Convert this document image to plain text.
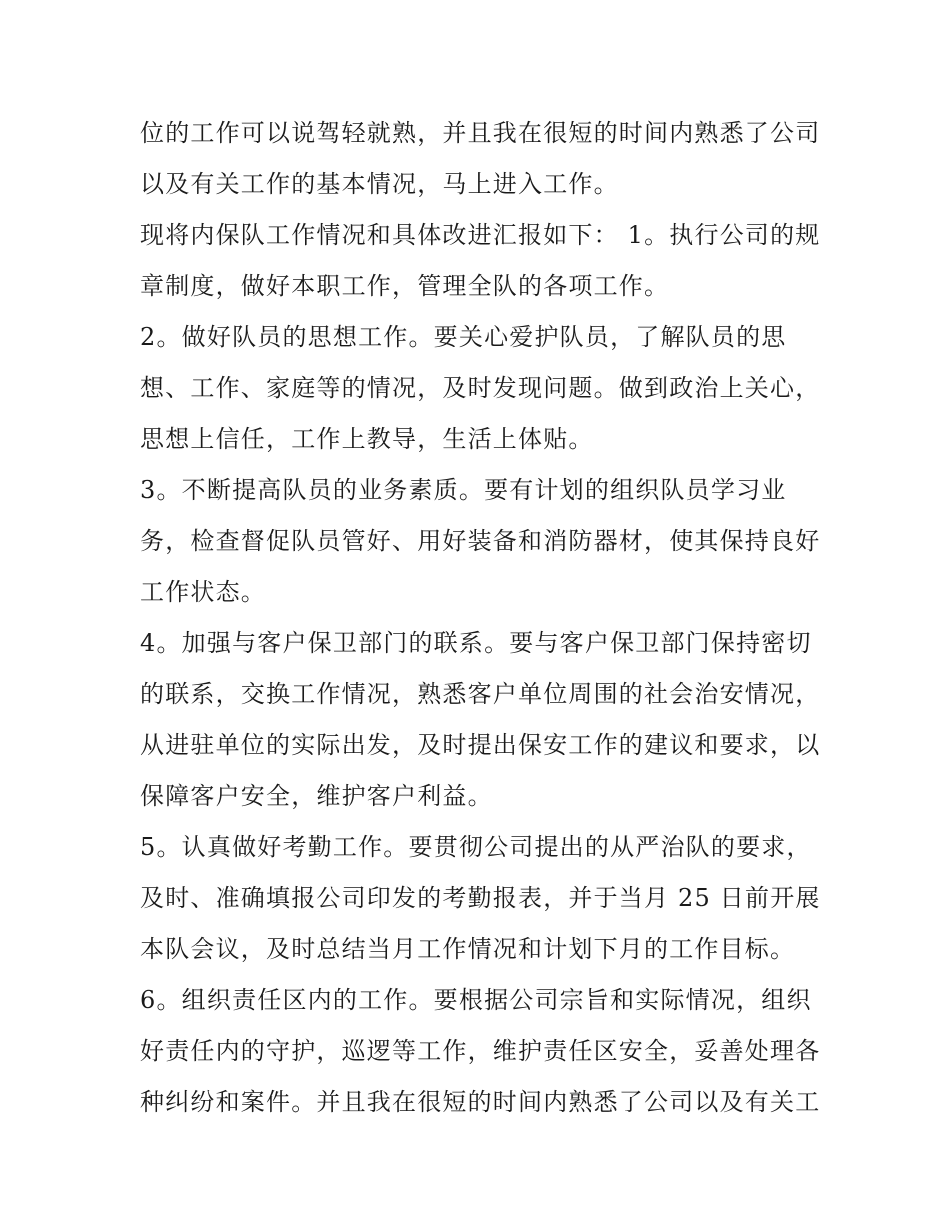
位的工作可以说驾轻就熟，并且我在很短的时间内熟悉了公司
以及有关工作的基本情况，马上进入工作。
现将内保队工作情况和具体改进汇报如下： 1。执行公司的规
章制度，做好本职工作，管理全队的各项工作。
2。做好队员的思想工作。要关心爱护队员，了解队员的思
想、工作、家庭等的情况，及时发现问题。做到政治上关心，
思想上信任，工作上教导，生活上体贴。
3。不断提高队员的业务素质。要有计划的组织队员学习业
务，检查督促队员管好、用好装备和消防器材，使其保持良好
工作状态。
4。加强与客户保卫部门的联系。要与客户保卫部门保持密切
的联系，交换工作情况，熟悉客户单位周围的社会治安情况，
从进驻单位的实际出发，及时提出保安工作的建议和要求，以
保障客户安全，维护客户利益。
5。认真做好考勤工作。要贯彻公司提出的从严治队的要求，
及时、准确填报公司印发的考勤报表，并于当月 25 日前开展
本队会议，及时总结当月工作情况和计划下月的工作目标。
6。组织责任区内的工作。要根据公司宗旨和实际情况，组织
好责任内的守护，巡逻等工作，维护责任区安全，妥善处理各
种纠纷和案件。并且我在很短的时间内熟悉了公司以及有关工
